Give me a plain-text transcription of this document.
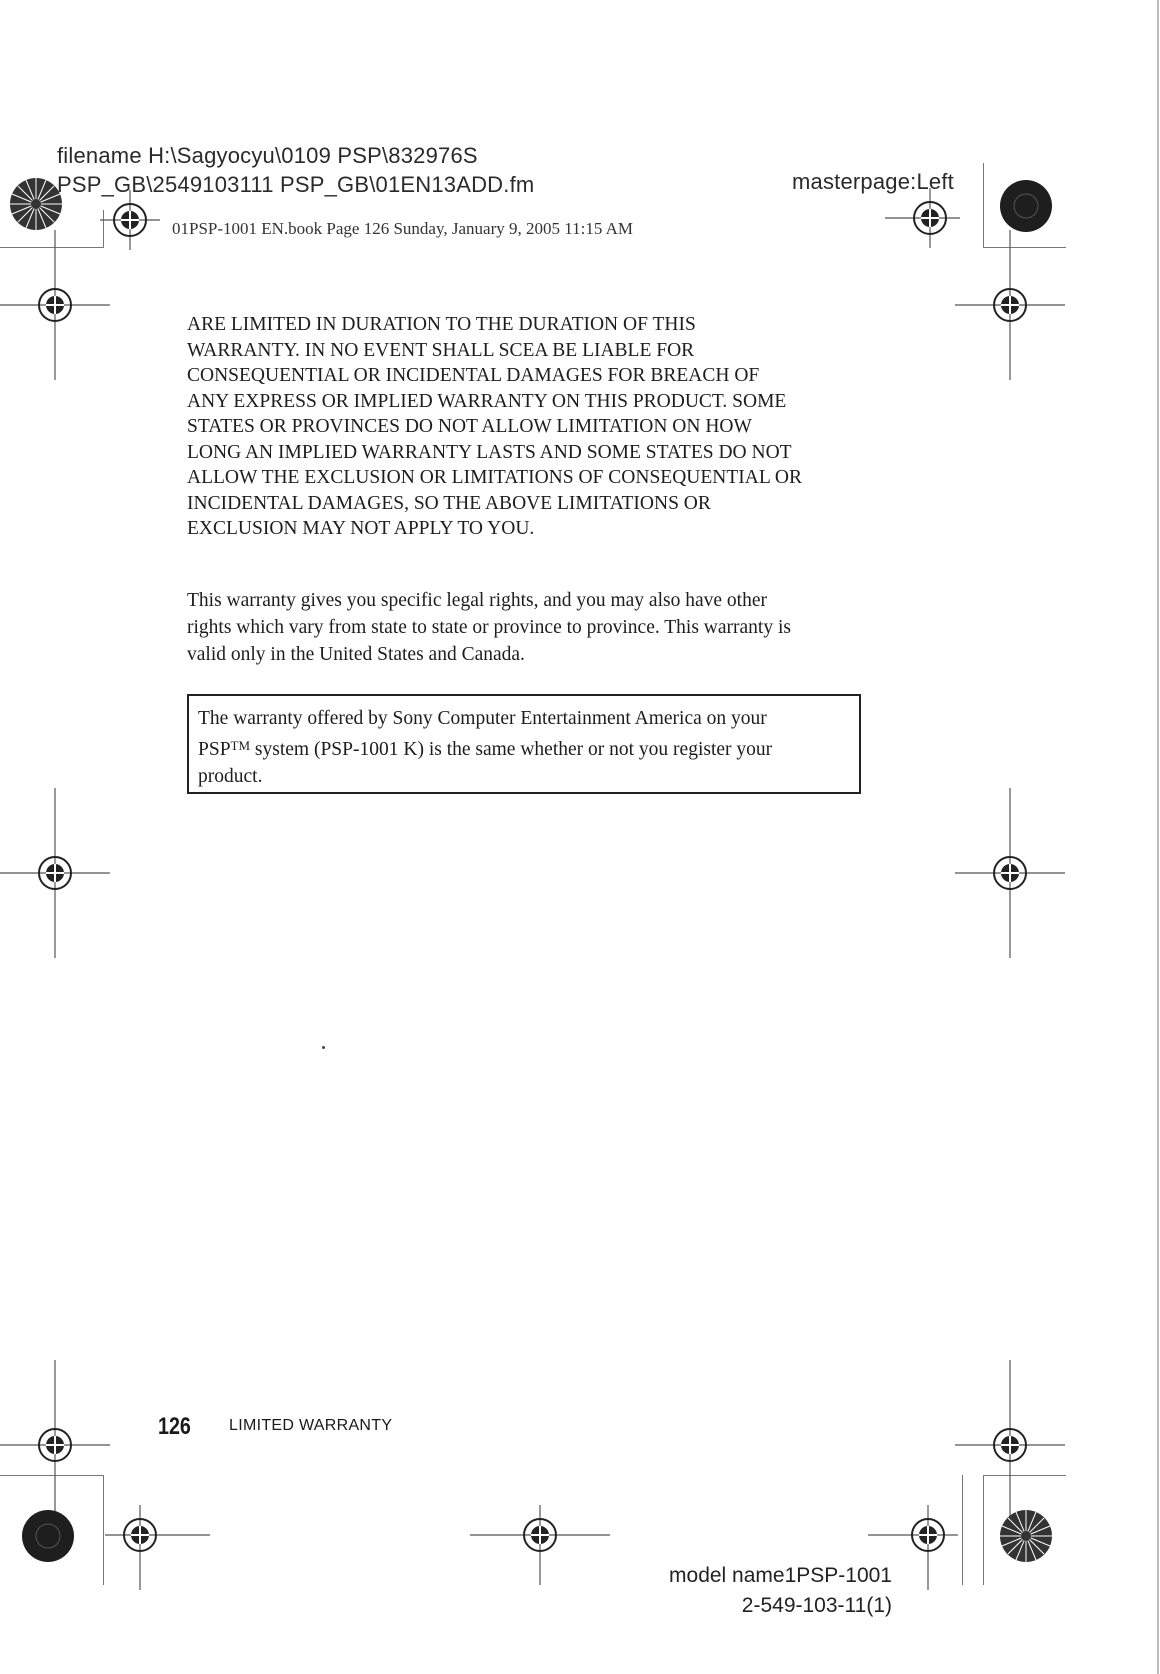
filename H:\Sagyocyu\0109 PSP\832976S
PSP_GB\2549103111 PSP_GB\01EN13ADD.fm	masterpage:Left
01PSP-1001 EN.book Page 126 Sunday, January 9, 2005 11:15 AM
ARE LIMITED IN DURATION TO THE DURATION OF THIS
WARRANTY. IN NO EVENT SHALL SCEA BE LIABLE FOR
CONSEQUENTIAL OR INCIDENTAL DAMAGES FOR BREACH OF
ANY EXPRESS OR IMPLIED WARRANTY ON THIS PRODUCT. SOME
STATES OR PROVINCES DO NOT ALLOW LIMITATION ON HOW
LONG AN IMPLIED WARRANTY LASTS AND SOME STATES DO NOT
ALLOW THE EXCLUSION OR LIMITATIONS OF CONSEQUENTIAL OR
INCIDENTAL DAMAGES, SO THE ABOVE LIMITATIONS OR
EXCLUSION MAY NOT APPLY TO YOU.
This warranty gives you specific legal rights, and you may also have other
rights which vary from state to state or province to province. This warranty is
valid only in the United States and Canada.
The warranty offered by Sony Computer Entertainment America on your
PSP™ system (PSP-1001 K) is the same whether or not you register your
product.
126 LIMITED WARRANTY
model name1PSP-1001
2-549-103-11(1)
